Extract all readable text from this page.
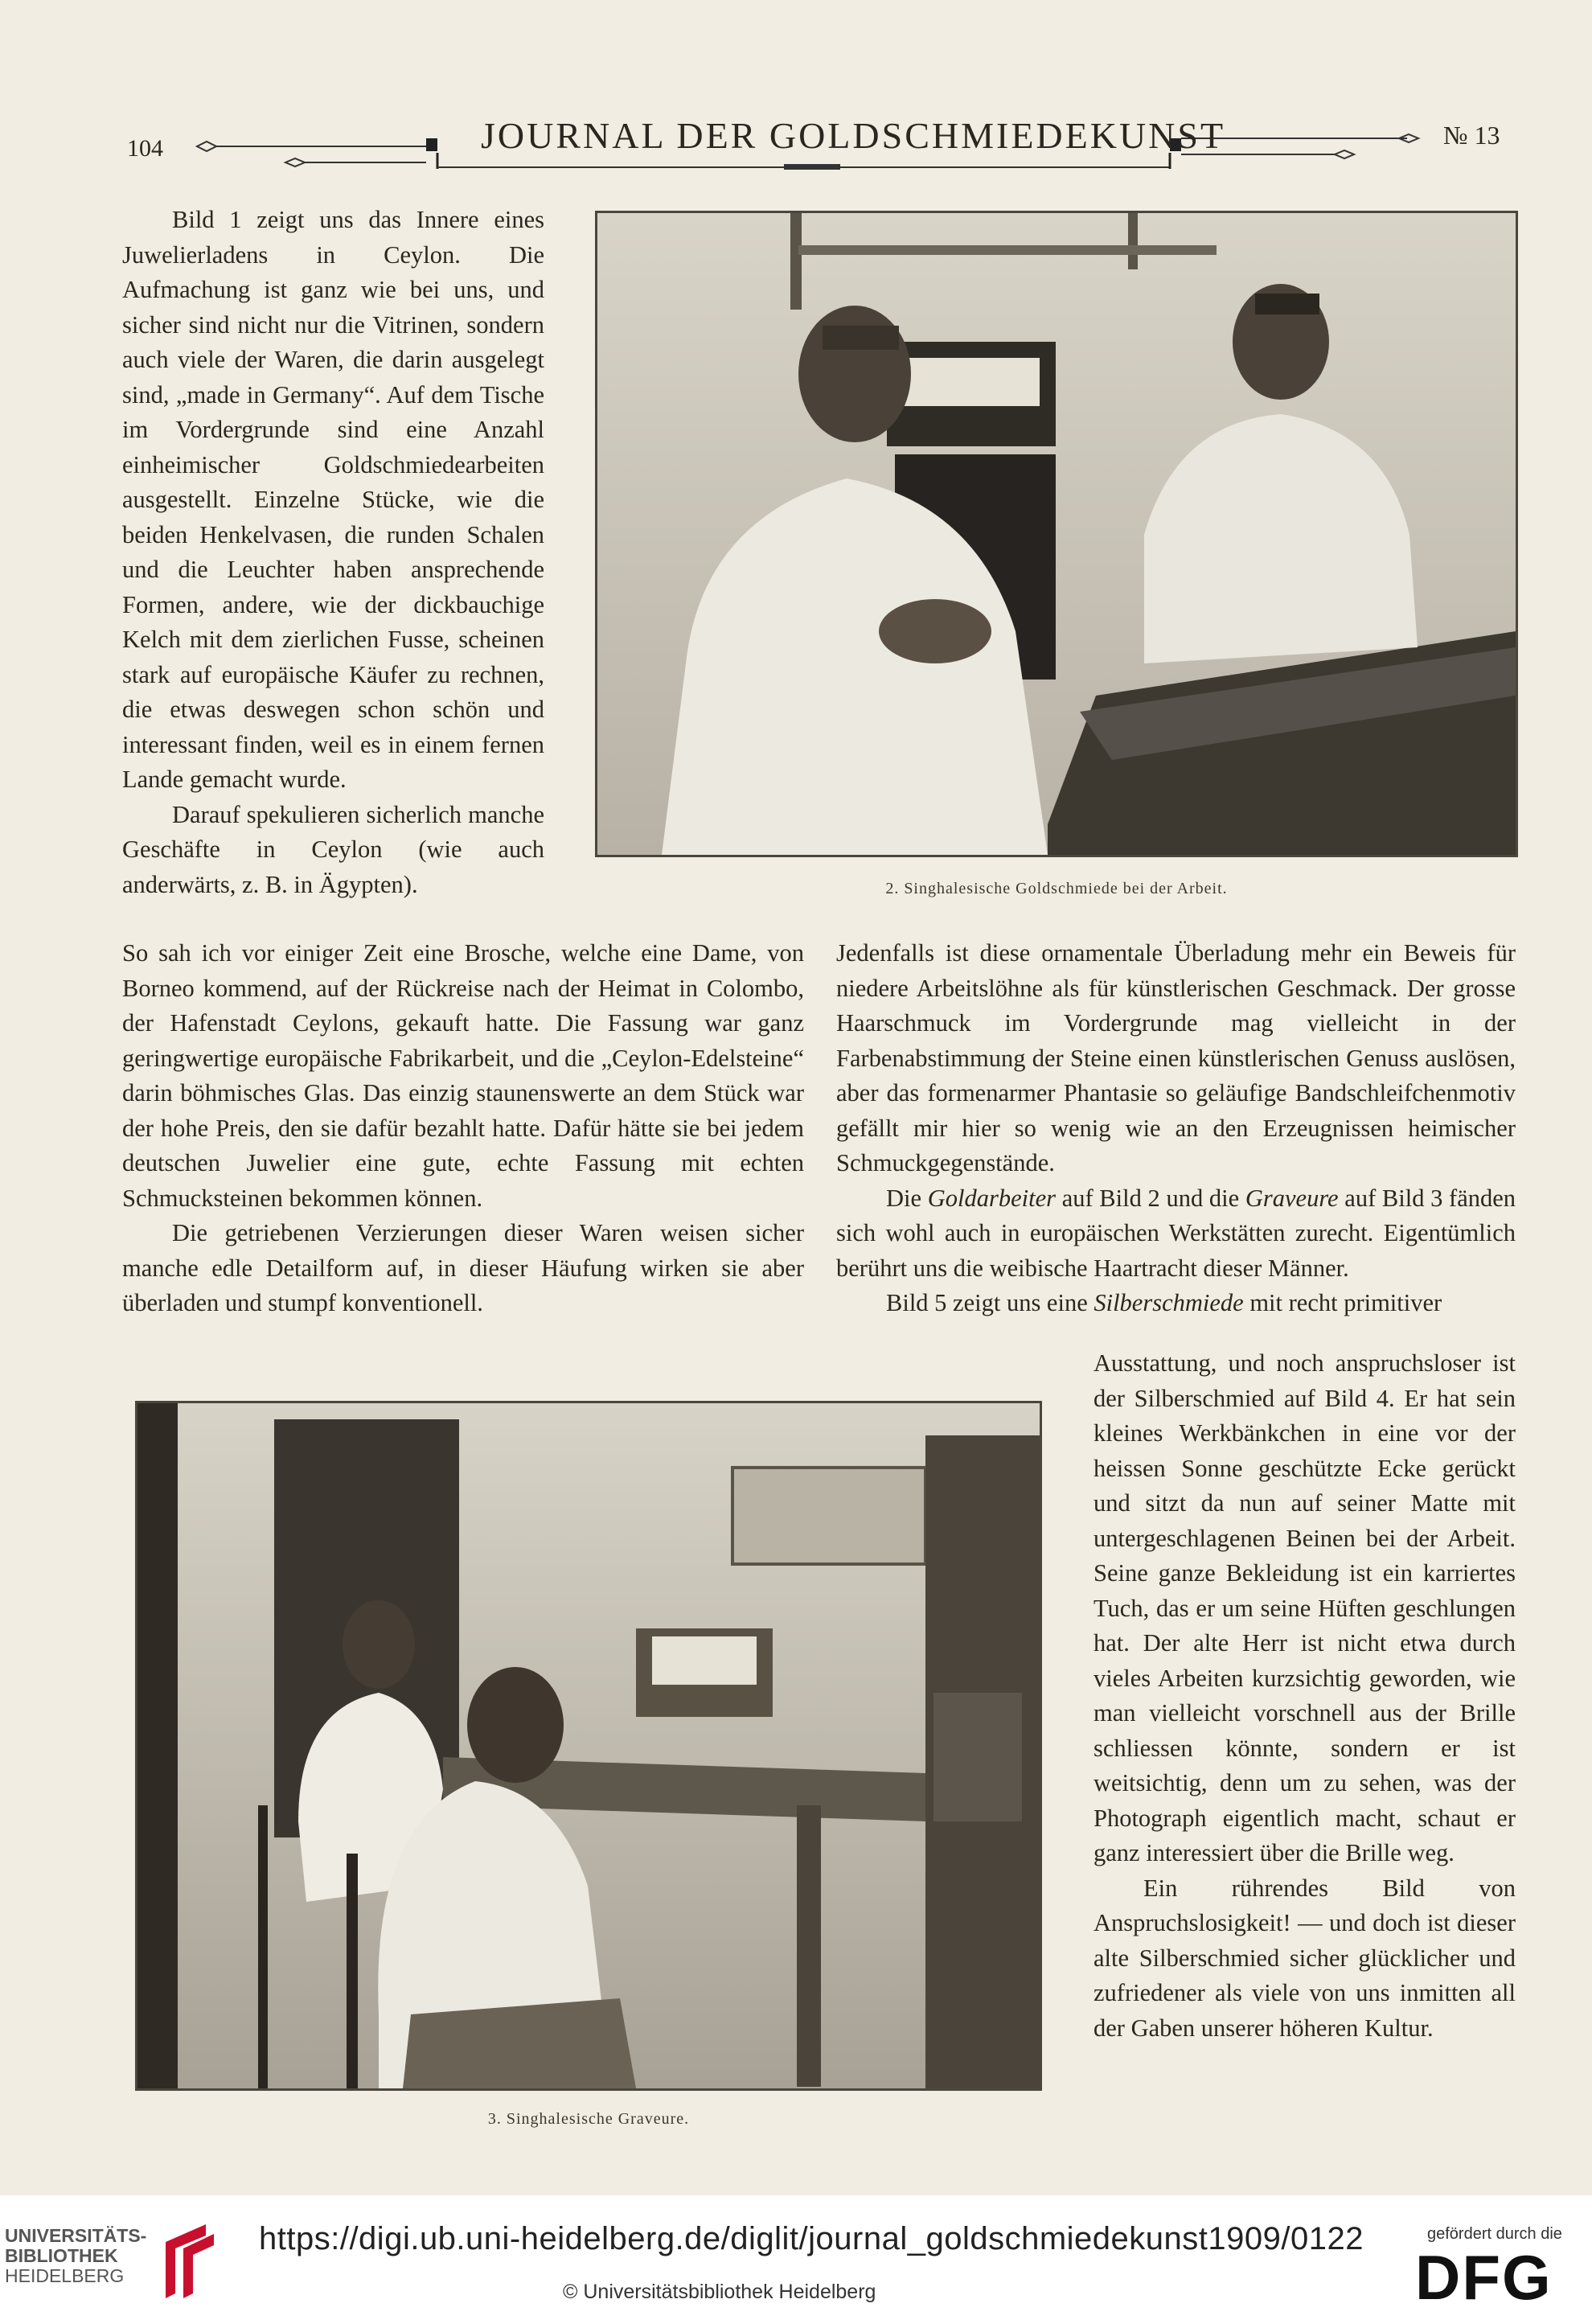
104	JOURNAL DER GOLDSCHMIEDEKUNST	№ 13

Bild 1 zeigt uns das Innere eines Juwelierladens in Ceylon. Die Aufmachung ist ganz wie bei uns, und sicher sind nicht nur die Vitrinen, sondern auch viele der Waren, die darin ausgelegt sind, „made in Germany“. Auf dem Tische im Vordergrunde sind eine Anzahl einheimischer Goldschmiedearbeiten ausgestellt. Einzelne Stücke, wie die beiden Henkelvasen, die runden Schalen und die Leuchter haben ansprechende Formen, andere, wie der dickbauchige Kelch mit dem zierlichen Fusse, scheinen stark auf europäische Käufer zu rechnen, die etwas deswegen schon schön und interessant finden, weil es in einem fernen Lande gemacht wurde.

Darauf spekulieren sicherlich manche Geschäfte in Ceylon (wie auch anderwärts, z. B. in Ägypten).	2. Singhalesische Goldschmiede bei der Arbeit.

So sah ich vor einiger Zeit eine Brosche, welche eine Dame, von Borneo kommend, auf der Rückreise nach der Heimat in Colombo, der Hafenstadt Ceylons, gekauft hatte. Die Fassung war ganz geringwertige europäische Fabrikarbeit, und die „Ceylon-Edelsteine“ darin böhmisches Glas. Das einzig staunenswerte an dem Stück war der hohe Preis, den sie dafür bezahlt hatte. Dafür hätte sie bei jedem deutschen Juwelier eine gute, echte Fassung mit echten Schmucksteinen bekommen können.

Die getriebenen Verzierungen dieser Waren weisen sicher manche edle Detailform auf, in dieser Häufung wirken sie aber überladen und stumpf konventionell.

Jedenfalls ist diese ornamentale Überladung mehr ein Beweis für niedere Arbeitslöhne als für künstlerischen Geschmack. Der grosse Haarschmuck im Vordergrunde mag vielleicht in der Farbenabstimmung der Steine einen künstlerischen Genuss auslösen, aber das formenarmer Phantasie so geläufige Bandschleifchenmotiv gefällt mir hier so wenig wie an den Erzeugnissen heimischer Schmuckgegenstände.

Die Goldarbeiter auf Bild 2 und die Graveure auf Bild 3 fänden sich wohl auch in europäischen Werkstätten zurecht. Eigentümlich berührt uns die weibische Haartracht dieser Männer.

Bild 5 zeigt uns eine Silberschmiede mit recht primitiver

3. Singhalesische Graveure.

Ausstattung, und noch anspruchsloser ist der Silberschmied auf Bild 4. Er hat sein kleines Werkbänkchen in eine vor der heissen Sonne geschützte Ecke gerückt und sitzt da nun auf seiner Matte mit untergeschlagenen Beinen bei der Arbeit. Seine ganze Bekleidung ist ein karriertes Tuch, das er um seine Hüften geschlungen hat. Der alte Herr ist nicht etwa durch vieles Arbeiten kurzsichtig geworden, wie man vielleicht vorschnell aus der Brille schliessen könnte, sondern er ist weitsichtig, denn um zu sehen, was der Photograph eigentlich macht, schaut er ganz interessiert über die Brille weg.

Ein rührendes Bild von Anspruchslosigkeit! — und doch ist dieser alte Silberschmied sicher glücklicher und zufriedener als viele von uns inmitten all der Gaben unserer höheren Kultur.

UNIVERSITÄTS-
BIBLIOTHEK
HEIDELBERG
https://digi.ub.uni-heidelberg.de/diglit/journal_goldschmiedekunst1909/0122
© Universitätsbibliothek Heidelberg
gefördert durch die
DFG
